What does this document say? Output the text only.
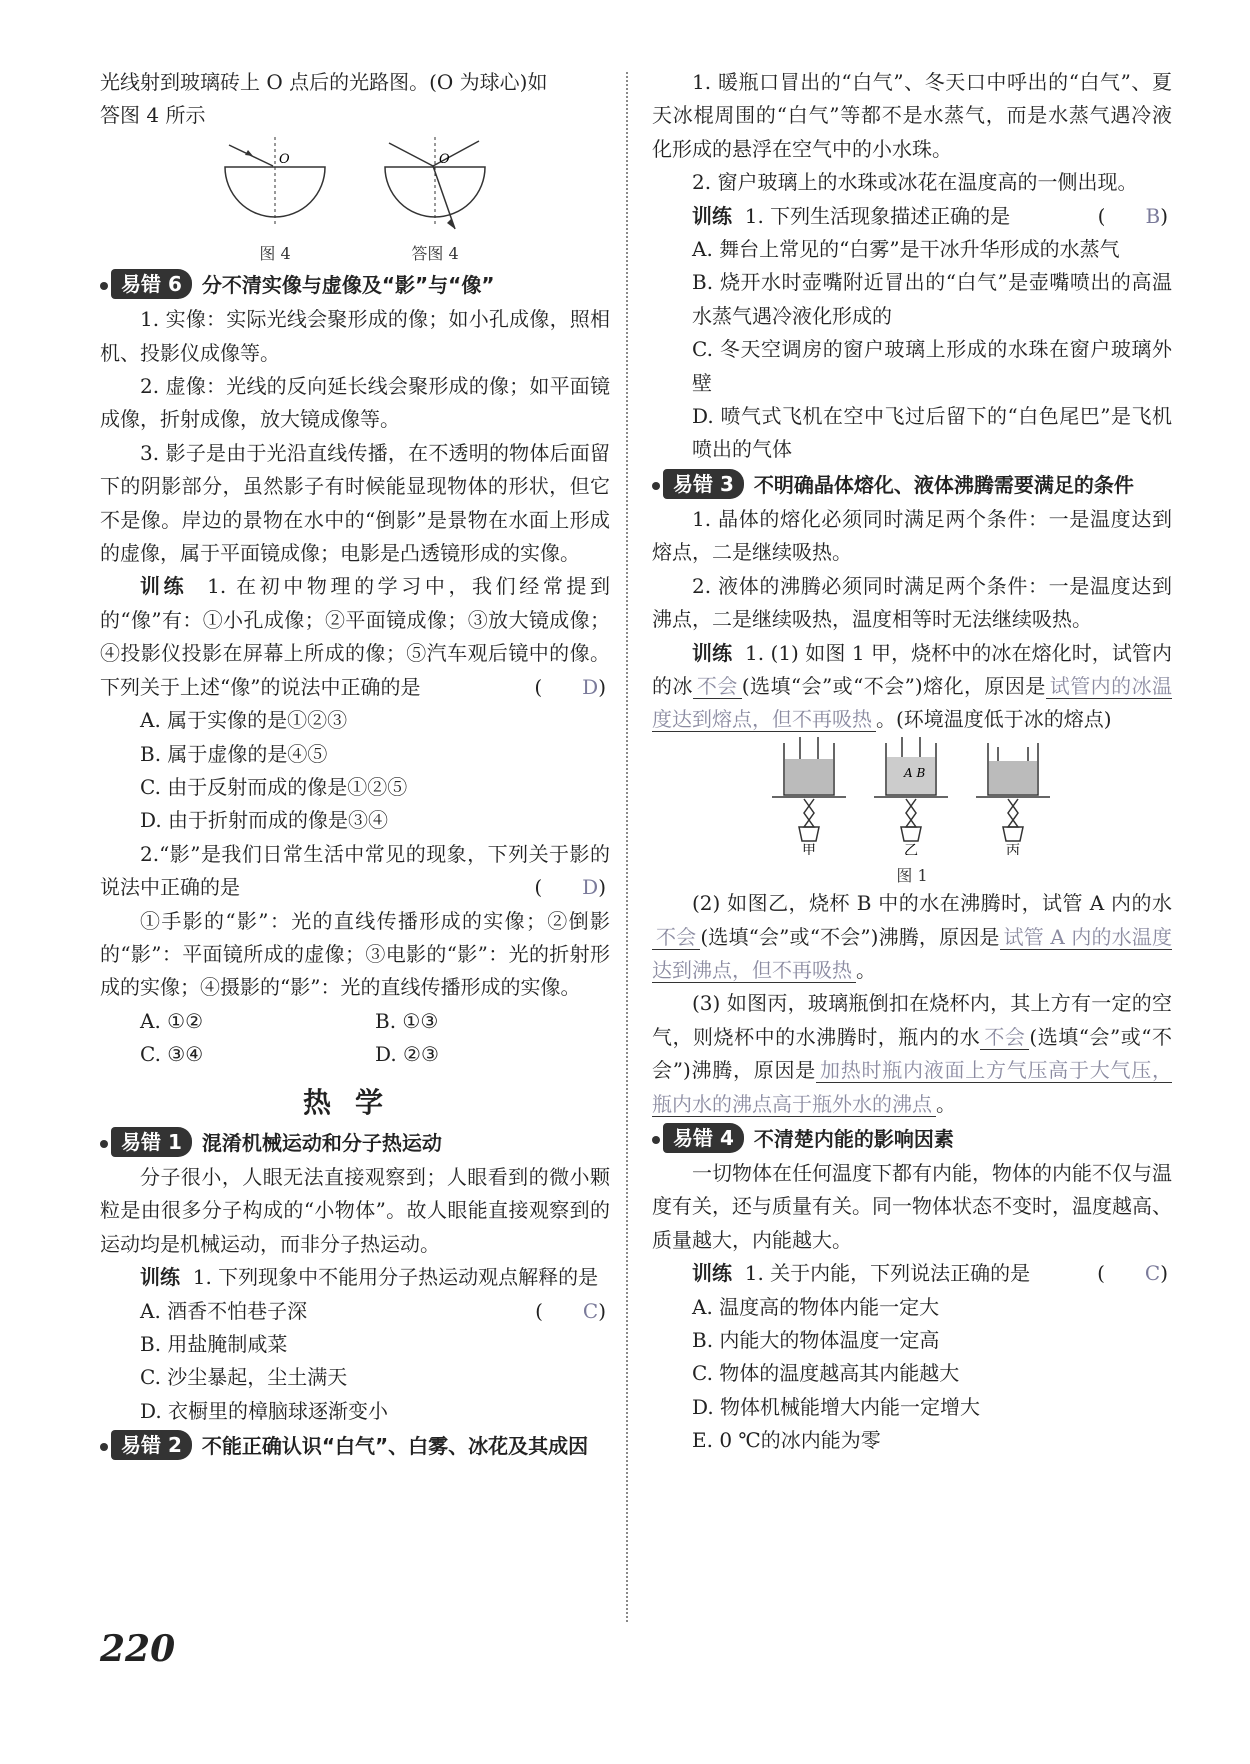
光线射到玻璃砖上 O 点后的光路图。(O 为球心)如

答图 4 所示

O
图 4
O
答图 4
易错 6	分不清实像与虚像及“影”与“像”

1. 实像：实际光线会聚形成的像；如小孔成像，照相机、投影仪成像等。

2. 虚像：光线的反向延长线会聚形成的像；如平面镜成像，折射成像，放大镜成像等。

3. 影子是由于光沿直线传播，在不透明的物体后面留下的阴影部分，虽然影子有时候能显现物体的形状，但它不是像。岸边的景物在水中的“倒影”是景物在水面上形成的虚像，属于平面镜成像；电影是凸透镜形成的实像。

训练 1. 在初中物理的学习中，我们经常提到的“像”有：①小孔成像；②平面镜成像；③放大镜成像；④投影仪投影在屏幕上所成的像；⑤汽车观后镜中的像。下列关于上述“像”的说法中正确的是	( D)

A. 属于实像的是①②③

B. 属于虚像的是④⑤

C. 由于反射而成的像是①②⑤

D. 由于折射而成的像是③④

2.“影”是我们日常生活中常见的现象，下列关于影的说法中正确的是	( D)

①手影的“影”：光的直线传播形成的实像；②倒影的“影”：平面镜所成的虚像；③电影的“影”：光的折射形成的实像；④摄影的“影”：光的直线传播形成的实像。

A. ①②	B. ①③
C. ③④	D. ②③
热学
易错 1	混淆机械运动和分子热运动

分子很小，人眼无法直接观察到；人眼看到的微小颗粒是由很多分子构成的“小物体”。故人眼能直接观察到的运动均是机械运动，而非分子热运动。

训练 1. 下列现象中不能用分子热运动观点解释的是
( C)

A. 酒香不怕巷子深

B. 用盐腌制咸菜

C. 沙尘暴起，尘土满天

D. 衣橱里的樟脑球逐渐变小

易错 2	不能正确认识“白气”、白雾、冰花及其成因

1. 暖瓶口冒出的“白气”、冬天口中呼出的“白气”、夏天冰棍周围的“白气”等都不是水蒸气，而是水蒸气遇冷液化形成的悬浮在空气中的小水珠。

2. 窗户玻璃上的水珠或冰花在温度高的一侧出现。

训练 1. 下列生活现象描述正确的是	( B)

A. 舞台上常见的“白雾”是干冰升华形成的水蒸气

B. 烧开水时壶嘴附近冒出的“白气”是壶嘴喷出的高温水蒸气遇冷液化形成的

C. 冬天空调房的窗户玻璃上形成的水珠在窗户玻璃外壁

D. 喷气式飞机在空中飞过后留下的“白色尾巴”是飞机喷出的气体

易错 3	不明确晶体熔化、液体沸腾需要满足的条件

1. 晶体的熔化必须同时满足两个条件：一是温度达到熔点，二是继续吸热。

2. 液体的沸腾必须同时满足两个条件：一是温度达到沸点，二是继续吸热，温度相等时无法继续吸热。

训练 1. (1) 如图 1 甲，烧杯中的冰在熔化时，试管内的冰 不会 (选填“会”或“不会”)熔化，原因是 试管内的冰温度达到熔点，但不再吸热 。(环境温度低于冰的熔点)

A B
甲	乙	丙
图 1

(2) 如图乙，烧杯 B 中的水在沸腾时，试管 A 内的水不会 (选填“会”或“不会”)沸腾，原因是 试管 A 内的水温度达到沸点，但不再吸热 。

(3) 如图丙，玻璃瓶倒扣在烧杯内，其上方有一定的空气，则烧杯中的水沸腾时，瓶内的水 不会 (选填“会”或“不会”)沸腾，原因是 加热时瓶内液面上方气压高于大气压，瓶内水的沸点高于瓶外水的沸点 。

易错 4	不清楚内能的影响因素

一切物体在任何温度下都有内能，物体的内能不仅与温度有关，还与质量有关。同一物体状态不变时，温度越高、质量越大，内能越大。

训练 1. 关于内能，下列说法正确的是	( C)

A. 温度高的物体内能一定大

B. 内能大的物体温度一定高

C. 物体的温度越高其内能越大

D. 物体机械能增大内能一定增大

E. 0 ℃的冰内能为零

220
